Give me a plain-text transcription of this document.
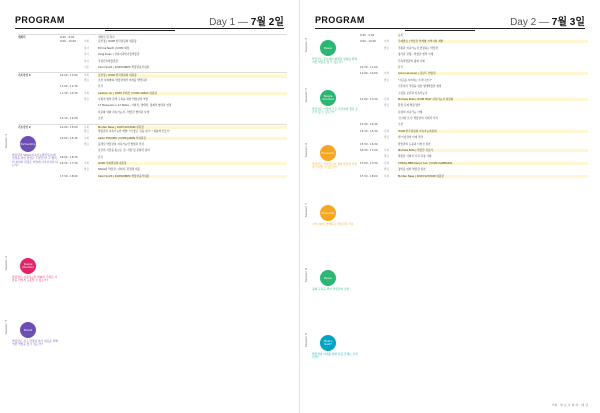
PROGRAM	Day 1 — 7월 2일
개회식	9:30 - 9:00	개회식 및 축사
9:00 - 10:00	사회	김선정 | ICOM 한국위원회 위원장
축사	Emma Nardi | ICOM 회장
축사	Yang Duan | 상하이과학기술박물관
축사	국립민속박물관장
기조	Carol Scott | ICOM-IMREC 박물관윤리위원
기조강연 1	10:00 - 11:00	사회	김선정 | ICOM 한국위원회 위원장
발표	조선 사회변화, 박물관에서 미래를 발견하다
11:00 - 11:30	휴식
11:30 - 12:30	사회	Laishun An | ICOM 부회장 / ICOM ASPAC 위원장
발표	사회적 협력 관계 구축을 위한 박물관의 역할
17 Museums x 17 SDGs - 사회적, 생태적, 경제적 협력과 연결
다문화 대화 지속가능성 - 박물관 협력과 사례
12:30 - 14:00	오찬
기조강연 2	14:00 - 15:00	사회	Morten Ness | ICOM SUSTAIN 위원장
발표	박물관과 지속가능한 개발: "더 좋은 것을 찾고" "새롭게 만들기"
15:00 - 15:30	사회	Akiko FUKUMO | ICOM-JAPAN 부위원장
발표	플래닛 박물관의 지속가능한 협업과 전략
당신의 사람을 돌보는 것: 지방 및 문화적 참여
16:00 - 16:30	휴식
16:30 - 17:30	사회	ICOM 국제위원회 위원장
발표	SDGs와 박물관: 사회적, 환경적 대응
17:30 - 18:00	Carol Scott | ICOM-IMREC 박물관윤리위원
Session 1	Partnership
박물관과 SDGs(지속가능발전목표)의 연결을 위한 협업은 무엇인가? 그 협력의 의의와 과정은 어떻게 이루어져야 하는가?
Session 2	People Oriented
박물관은 지속가능한 변화의 주체로 사람을 어떻게 포용할 수 있는가?
Session 3	Planet
박물관은 지구 환경과 위기 대응을 위해 어떤 역할을 할 수 있는가?
PROGRAM	Day 2 — 7월 3일
9:30 - 9:00	등록
9:00 - 10:00	사회	주제발표 | 박물관 연계형 지역사회 개발
발표	전통과 지속가능성 연결하는 박물관
영국과 전쟁 - 박물관 협력 사례
민속박물관의 평화 사례
10:30 - 11:00	휴식
11:00 - 12:00	사회	Anna Leinonen | 핀란드 박물관
발표	"지구를 지키려는 수라나초다"
기후위기 직면을 위한 생태박물관 협력
소장품 보존과 지속가능성
12:00 - 13:30	사회	Michela Rota | ICOM ITALY 지속가능성 위원회
발표	환경 문제 해결 방안
유럽의 지속가능 사례
'모자와 모사' 박물관의 사회적 가치
13:30 - 14:30	오찬
14:30 - 15:30	사회	ICOM 한국위원회 지속가능위원회
발표	밴 미술관의 미래 전략
15:30 - 16:30	박물관의 포용과 다양성 실천
16:30 - 17:00	사회	Michela Rota | 박물관 전문가
발표	박물관 사회적 가치 측정 사례
17:00 - 17:30	사회	CHOOL BEN Kenyo Sun | ICOM CAMBODIA
발표	정의를 위한 박물관 실천
17:30 - 18:00	사회	Morten Ness | ICOM SUSTAIN 위원장
Session 4	Peace
박물관은 공동체의 화합과 평화를 위해 어떤 역할을 할 수 있는가?
Session 5	People Oriented
박물관은 어떻게 모든 사람에게 열린 공간이 될 수 있는가?
Session 6	Prosperity
박물관은 지속가능한 경제 발전에 어떻게 기여할 수 있는가?
Session 7	Prosperity
지역사회와 함께하는 박물관의 가치
Session 8	Peace
평화 구축을 위한 박물관의 실천
Session 9	What's Next?
박물관의 미래를 위한 다음 단계는 무엇인가?
사회 · 발 표 사 회 자 · 패 널
